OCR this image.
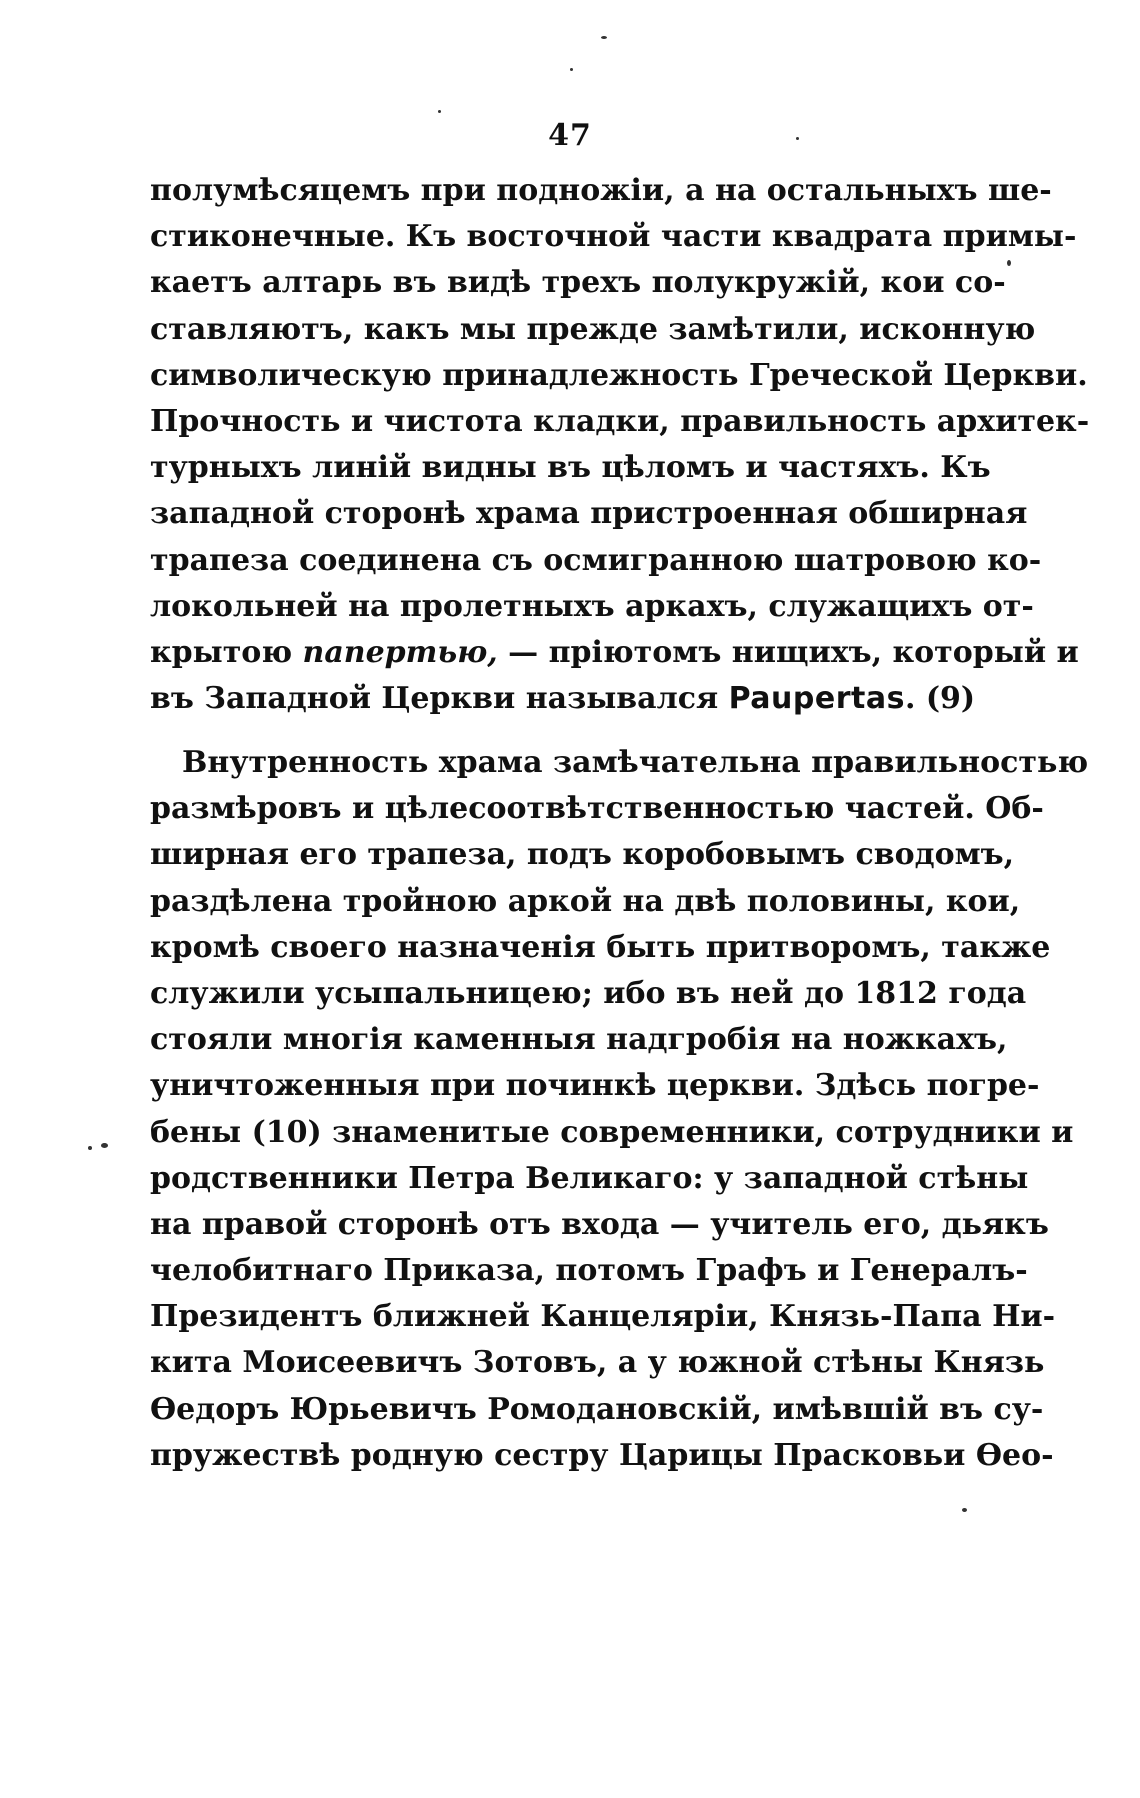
47
полумѣсяцемъ при подножіи, а на остальныхъ ше-
стиконечные. Къ восточной части квадрата примы-
каетъ алтарь въ видѣ трехъ полукружій, кои со-
ставляютъ, какъ мы прежде замѣтили, исконную
символическую принадлежность Греческой Церкви.
Прочность и чистота кладки, правильность архитек-
турныхъ линій видны въ цѣломъ и частяхъ. Къ
западной сторонѣ храма пристроенная обширная
трапеза соединена съ осмигранною шатровою ко-
локольней на пролетныхъ аркахъ, служащихъ от-
крытою папертью, — пріютомъ нищихъ, который и
въ Западной Церкви назывался Paupertas. (9)
Внутренность храма замѣчательна правильностью
размѣровъ и цѣлесоотвѣтственностью частей. Об-
ширная его трапеза, подъ коробовымъ сводомъ,
раздѣлена тройною аркой на двѣ половины, кои,
кромѣ своего назначенія быть притворомъ, также
служили усыпальницею; ибо въ ней до 1812 года
стояли многія каменныя надгробія на ножкахъ,
уничтоженныя при починкѣ церкви. Здѣсь погре-
бены (10) знаменитые современники, сотрудники и
родственники Петра Великаго: у западной стѣны
на правой сторонѣ отъ входа — учитель его, дьякъ
челобитнаго Приказа, потомъ Графъ и Генералъ-
Президентъ ближней Канцеляріи, Князь-Папа Ни-
кита Моисеевичъ Зотовъ, а у южной стѣны Князь
Ѳедоръ Юрьевичъ Ромодановскій, имѣвшій въ су-
пружествѣ родную сестру Царицы Прасковьи Ѳео-
